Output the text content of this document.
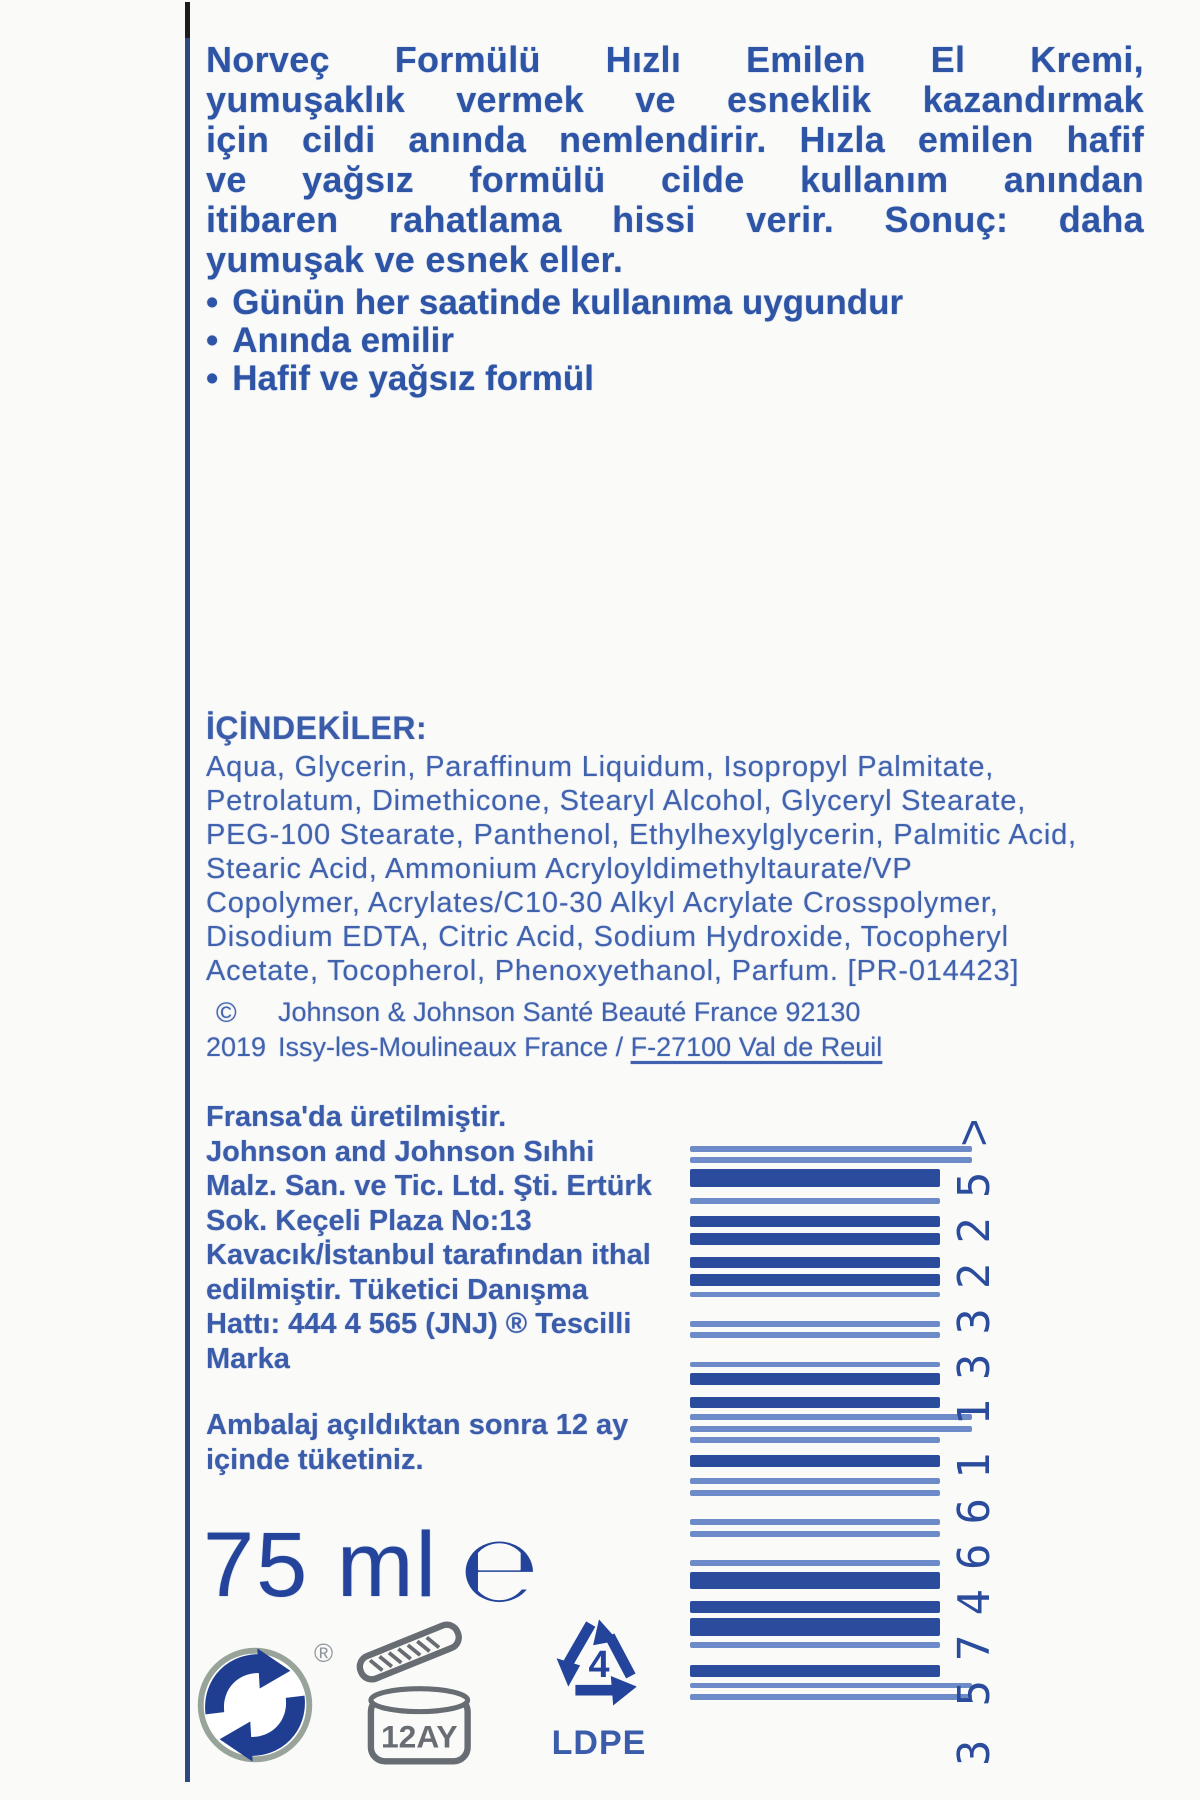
Norveç Formülü Hızlı Emilen El Kremi,
yumuşaklık vermek ve esneklik kazandırmak
için cildi anında nemlendirir. Hızla emilen hafif
ve yağsız formülü cilde kullanım anından
itibaren rahatlama hissi verir. Sonuç: daha
yumuşak ve esnek eller.
• Günün her saatinde kullanıma uygundur
• Anında emilir
• Hafif ve yağsız formül
İÇİNDEKİLER:
Aqua, Glycerin, Paraffinum Liquidum, Isopropyl Palmitate,
Petrolatum, Dimethicone, Stearyl Alcohol, Glyceryl Stearate,
PEG-100 Stearate, Panthenol, Ethylhexylglycerin, Palmitic Acid,
Stearic Acid, Ammonium Acryloyldimethyltaurate/VP
Copolymer, Acrylates/C10-30 Alkyl Acrylate Crosspolymer,
Disodium EDTA, Citric Acid, Sodium Hydroxide, Tocopheryl
Acetate, Tocopherol, Phenoxyethanol, Parfum. [PR-014423]
©
2019
Johnson & Johnson Santé Beauté France 92130
Issy-les-Moulineaux France / F-27100 Val de Reuil
Fransa'da üretilmiştir.
Johnson and Johnson Sıhhi
Malz. San. ve Tic. Ltd. Şti. Ertürk
Sok. Keçeli Plaza No:13
Kavacık/İstanbul tarafından ithal
edilmiştir. Tüketici Danışma
Hattı: 444 4 565 (JNJ) ® Tescilli
Marka
Ambalaj açıldıktan sonra 12 ay
içinde tüketiniz.
75 ml ℮
3
574661
133225
>
®
12AY
4
LDPE
